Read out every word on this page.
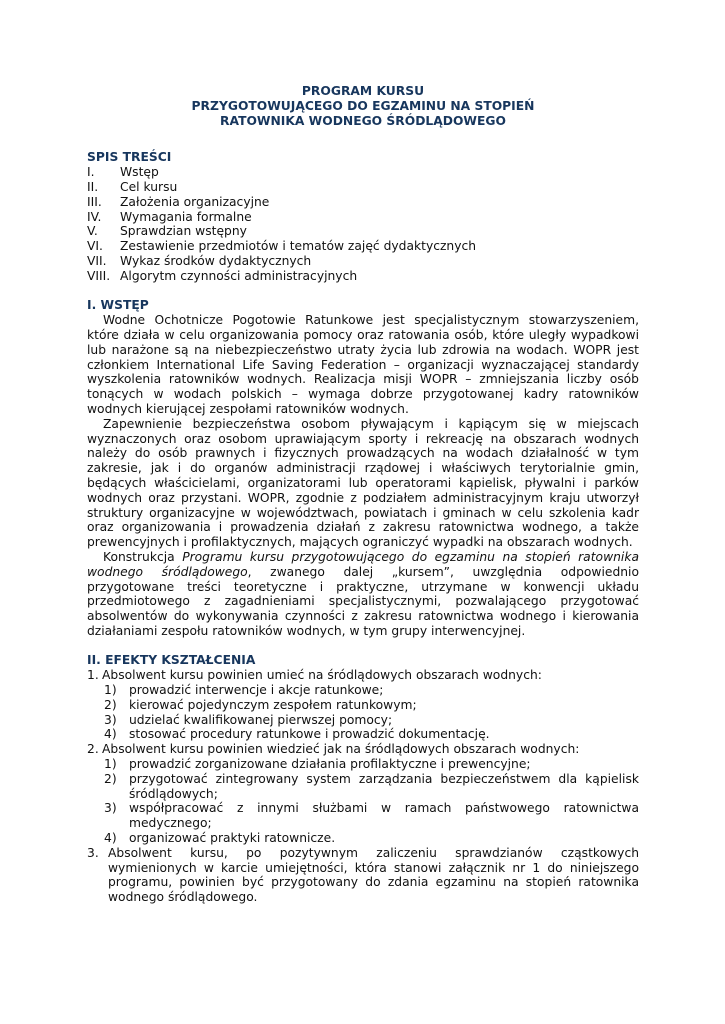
PROGRAM KURSU

PRZYGOTOWUJĄCEGO DO EGZAMINU NA STOPIEŃ

RATOWNIKA WODNEGO ŚRÓDLĄDOWEGO

SPIS TREŚCI

I.	Wstęp
II.	Cel kursu
III.	Założenia organizacyjne
IV.	Wymagania formalne
V.	Sprawdzian wstępny
VI.	Zestawienie przedmiotów i tematów zajęć dydaktycznych
VII.	Wykaz środków dydaktycznych
VIII. Algorytm czynności administracyjnych

I. WSTĘP

Wodne Ochotnicze Pogotowie Ratunkowe jest specjalistycznym stowarzyszeniem, które działa w celu organizowania pomocy oraz ratowania osób, które uległy wypadkowi lub narażone są na niebezpieczeństwo utraty życia lub zdrowia na wodach. WOPR jest członkiem International Life Saving Federation – organizacji wyznaczającej standardy wyszkolenia ratowników wodnych. Realizacja misji WOPR – zmniejszania liczby osób tonących w wodach polskich – wymaga dobrze przygotowanej kadry ratowników wodnych kierującej zespołami ratowników wodnych.

Zapewnienie bezpieczeństwa osobom pływającym i kąpiącym się w miejscach wyznaczonych oraz osobom uprawiającym sporty i rekreację na obszarach wodnych należy do osób prawnych i fizycznych prowadzących na wodach działalność w tym zakresie, jak i do organów administracji rządowej i właściwych terytorialnie gmin, będących właścicielami, organizatorami lub operatorami kąpielisk, pływalni i parków wodnych oraz przystani. WOPR, zgodnie z podziałem administracyjnym kraju utworzył struktury organizacyjne w województwach, powiatach i gminach w celu szkolenia kadr oraz organizowania i prowadzenia działań z zakresu ratownictwa wodnego, a także prewencyjnych i profilaktycznych, mających ograniczyć wypadki na obszarach wodnych.

Konstrukcja Programu kursu przygotowującego do egzaminu na stopień ratownika wodnego śródlądowego, zwanego dalej „kursem”, uwzględnia odpowiednio przygotowane treści teoretyczne i praktyczne, utrzymane w konwencji układu przedmiotowego z zagadnieniami specjalistycznymi, pozwalającego przygotować absolwentów do wykonywania czynności z zakresu ratownictwa wodnego i kierowania działaniami zespołu ratowników wodnych, w tym grupy interwencyjnej.

II. EFEKTY KSZTAŁCENIA

1. Absolwent kursu powinien umieć na śródlądowych obszarach wodnych:
1)	prowadzić interwencje i akcje ratunkowe;
2)	kierować pojedynczym zespołem ratunkowym;
3)	udzielać kwalifikowanej pierwszej pomocy;
4)	stosować procedury ratunkowe i prowadzić dokumentację.
2. Absolwent kursu powinien wiedzieć jak na śródlądowych obszarach wodnych:
1)	prowadzić zorganizowane działania profilaktyczne i prewencyjne;
2)	przygotować zintegrowany system zarządzania bezpieczeństwem dla kąpielisk śródlądowych;
3)	współpracować z innymi służbami w ramach państwowego ratownictwa medycznego;
4)	organizować praktyki ratownicze.
3. Absolwent kursu, po pozytywnym zaliczeniu sprawdzianów cząstkowych wymienionych w karcie umiejętności, która stanowi załącznik nr 1 do niniejszego programu, powinien być przygotowany do zdania egzaminu na stopień ratownika wodnego śródlądowego.
